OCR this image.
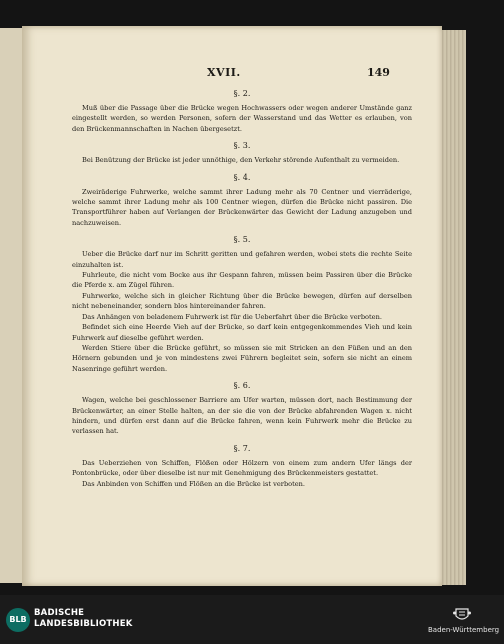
XVII.	149
§. 2.

Muß über die Passage über die Brücke wegen Hochwassers oder wegen anderer Umstände ganz eingestellt werden, so werden Personen, sofern der Wasserstand und das Wetter es erlauben, von den Brückenmannschaften in Nachen übergesetzt.

§. 3.

Bei Benützung der Brücke ist jeder unnöthige, den Verkehr störende Aufenthalt zu vermeiden.

§. 4.

Zweiräderige Fuhrwerke, welche sammt ihrer Ladung mehr als 70 Centner und vierräderige, welche sammt ihrer Ladung mehr als 100 Centner wiegen, dürfen die Brücke nicht passiren. Die Transportführer haben auf Verlangen der Brückenwärter das Gewicht der Ladung anzugeben und nachzuweisen.

§. 5.

Ueber die Brücke darf nur im Schritt geritten und gefahren werden, wobei stets die rechte Seite einzuhalten ist.

Fuhrleute, die nicht vom Bocke aus ihr Gespann fahren, müssen beim Passiren über die Brücke die Pferde x. am Zügel führen.

Fuhrwerke, welche sich in gleicher Richtung über die Brücke bewegen, dürfen auf derselben nicht nebeneinander, sondern blos hintereinander fahren.

Das Anhängen von beladenem Fuhrwerk ist für die Ueberfahrt über die Brücke verboten.

Befindet sich eine Heerde Vieh auf der Brücke, so darf kein entgegenkommendes Vieh und kein Fuhrwerk auf dieselbe geführt werden.

Werden Stiere über die Brücke geführt, so müssen sie mit Stricken an den Füßen und an den Hörnern gebunden und je von mindestens zwei Führern begleitet sein, sofern sie nicht an einem Nasenringe geführt werden.

§. 6.

Wagen, welche bei geschlossener Barriere am Ufer warten, müssen dort, nach Bestimmung der Brückenwärter, an einer Stelle halten, an der sie die von der Brücke abfahrenden Wagen x. nicht hindern, und dürfen erst dann auf die Brücke fahren, wenn kein Fuhrwerk mehr die Brücke zu verlassen hat.

§. 7.

Das Ueberziehen von Schiffen, Flößen oder Hölzern von einem zum andern Ufer längs der Pontonbrücke, oder über dieselbe ist nur mit Genehmigung des Brückenmeisters gestattet.

Das Anbinden von Schiffen und Flößen an die Brücke ist verboten.

BLB
BADISCHE
LANDESBIBLIOTHEK
Baden-Württemberg
